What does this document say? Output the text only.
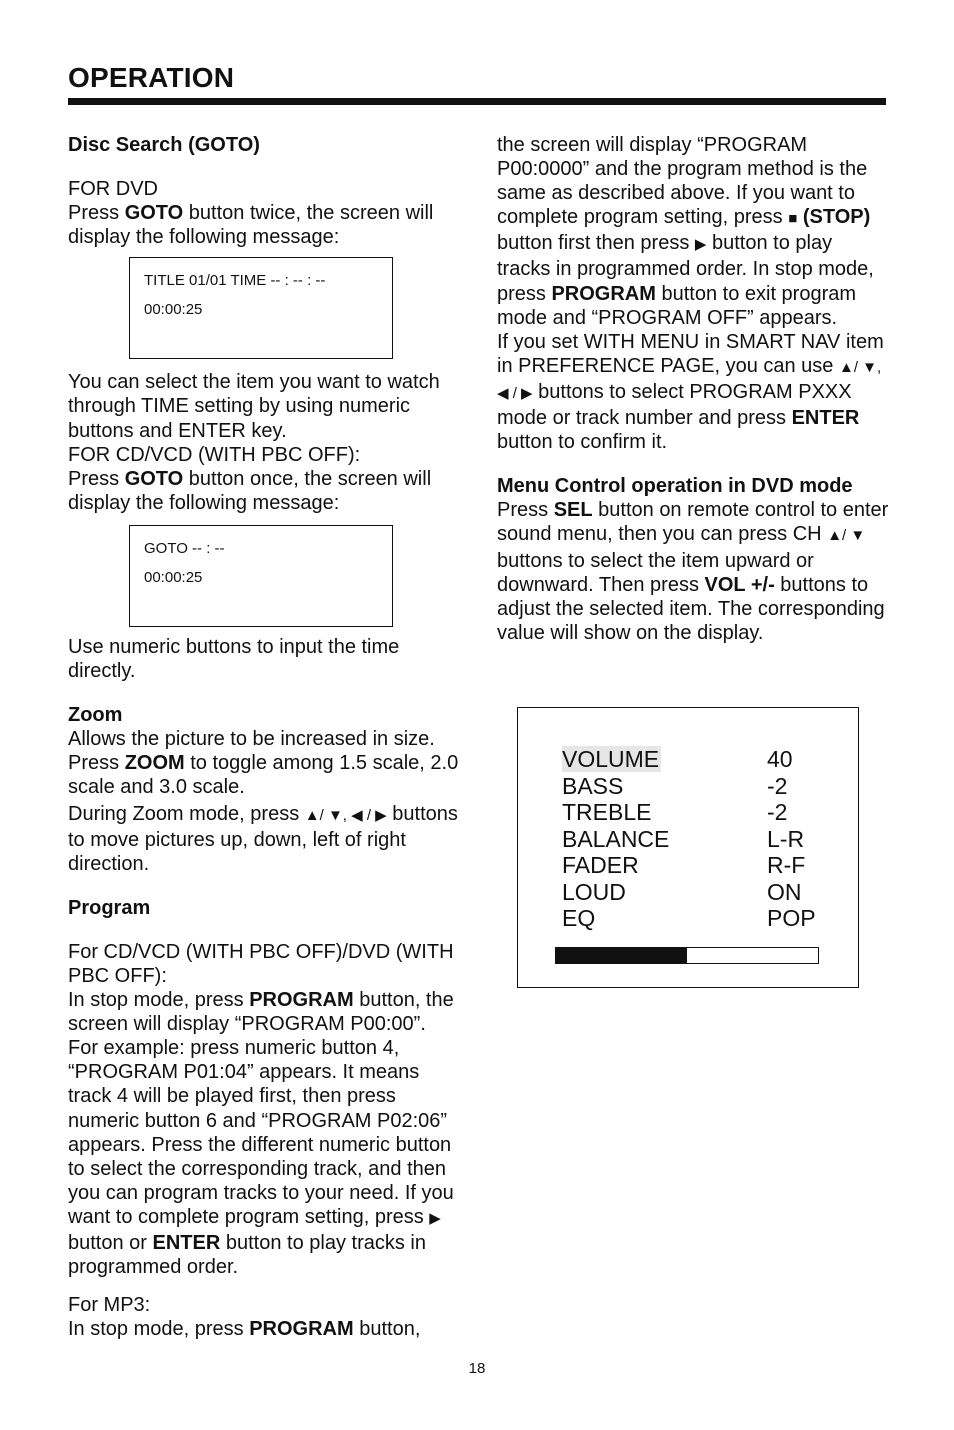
OPERATION

Disc Search (GOTO)

FOR DVD

Press GOTO button twice, the screen will display the following message:

TITLE 01/01 TIME -- : -- : --
00:00:25

You can select the item you want to watch through TIME setting by using numeric buttons and ENTER key.

FOR CD/VCD (WITH PBC OFF):

Press GOTO button once, the screen will display the following message:

GOTO -- : --
00:00:25

Use numeric buttons to input the time directly.

Zoom

Allows the picture to be increased in size.

Press ZOOM to toggle among 1.5 scale, 2.0 scale and 3.0 scale.

During Zoom mode, press ▲/ ▼, ◀ / ▶ buttons to move pictures up, down, left of right direction.

Program

For CD/VCD (WITH PBC OFF)/DVD (WITH PBC OFF):

In stop mode, press PROGRAM button, the screen will display “PROGRAM P00:00”. For example: press numeric button 4, “PROGRAM P01:04” appears. It means track 4 will be played first, then press numeric button 6 and “PROGRAM P02:06” appears. Press the different numeric button to select the corresponding track, and then you can program tracks to your need. If you want to complete program setting, press ▶ button or ENTER button to play tracks in programmed order.

For MP3:

In stop mode, press PROGRAM button,

the screen will display “PROGRAM P00:0000” and the program method is the same as described above. If you want to complete program setting, press ■ (STOP) button first then press ▶ button to play tracks in programmed order. In stop mode, press PROGRAM button to exit program mode and “PROGRAM OFF” appears.

If you set WITH MENU in SMART NAV item in PREFERENCE PAGE, you can use ▲/ ▼, ◀ / ▶ buttons to select PROGRAM PXXX mode or track number and press ENTER button to confirm it.

Menu Control operation in DVD mode

Press SEL button on remote control to enter sound menu, then you can press CH ▲/ ▼ buttons to select the item upward or downward. Then press VOL +/- buttons to adjust the selected item. The corresponding value will show on the display.

VOLUME	40
BASS	-2
TREBLE	-2
BALANCE	L-R
FADER	R-F
LOUD	ON
EQ	POP
18
